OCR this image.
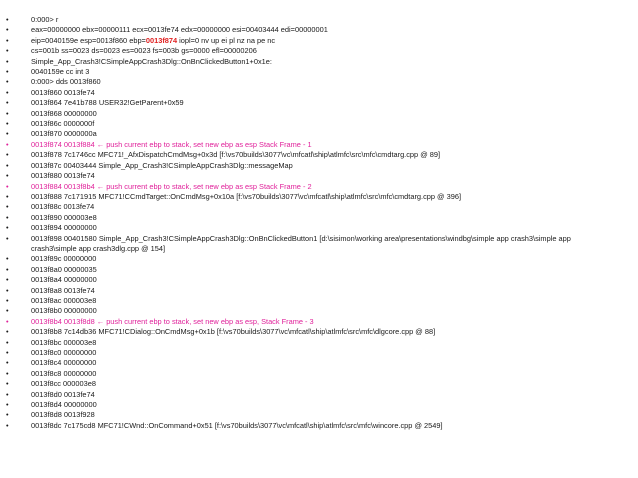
•	0:000> r
•	eax=00000000 ebx=00000111 ecx=0013fe74 edx=00000000 esi=00403444 edi=00000001
•	eip=0040159e esp=0013f860 ebp=0013f874 iopl=0 nv up ei pl nz na pe nc
•	cs=001b ss=0023 ds=0023 es=0023 fs=003b gs=0000 efl=00000206
•	Simple_App_Crash3!CSimpleAppCrash3Dlg::OnBnClickedButton1+0x1e:
•	0040159e cc int 3
•	0:000> dds 0013f860
•	0013f860 0013fe74
•	0013f864 7e41b788 USER32!GetParent+0x59
•	0013f868 00000000
•	0013f86c 0000000f
•	0013f870 0000000a
•	0013f874 0013f884 ← push current ebp to stack, set new ebp as esp Stack Frame - 1
•	0013f878 7c1746cc MFC71!_AfxDispatchCmdMsg+0x3d [f:\vs70builds\3077\vc\mfcatl\ship\atlmfc\src\mfc\cmdtarg.cpp @ 89]
•	0013f87c 00403444 Simple_App_Crash3!CSimpleAppCrash3Dlg::messageMap
•	0013f880 0013fe74
•	0013f884 0013f8b4 ← push current ebp to stack, set new ebp as esp Stack Frame - 2
•	0013f888 7c171915 MFC71!CCmdTarget::OnCmdMsg+0x10a [f:\vs70builds\3077\vc\mfcatl\ship\atlmfc\src\mfc\cmdtarg.cpp @ 396]
•	0013f88c 0013fe74
•	0013f890 000003e8
•	0013f894 00000000
•	0013f898 00401580 Simple_App_Crash3!CSimpleAppCrash3Dlg::OnBnClickedButton1 [d:\sisimon\working area\presentations\windbg\simple app crash3\simple app crash3\simple app crash3dlg.cpp @ 154]
•	0013f89c 00000000
•	0013f8a0 00000035
•	0013f8a4 00000000
•	0013f8a8 0013fe74
•	0013f8ac 000003e8
•	0013f8b0 00000000
•	0013f8b4 0013f8d8 ← push current ebp to stack, set new ebp as esp, Stack Frame - 3
•	0013f8b8 7c14db36 MFC71!CDialog::OnCmdMsg+0x1b [f:\vs70builds\3077\vc\mfcatl\ship\atlmfc\src\mfc\dlgcore.cpp @ 88]
•	0013f8bc 000003e8
•	0013f8c0 00000000
•	0013f8c4 00000000
•	0013f8c8 00000000
•	0013f8cc 000003e8
•	0013f8d0 0013fe74
•	0013f8d4 00000000
•	0013f8d8 0013f928
•	0013f8dc 7c175cd8 MFC71!CWnd::OnCommand+0x51 [f:\vs70builds\3077\vc\mfcatl\ship\atlmfc\src\mfc\wincore.cpp @ 2549]
